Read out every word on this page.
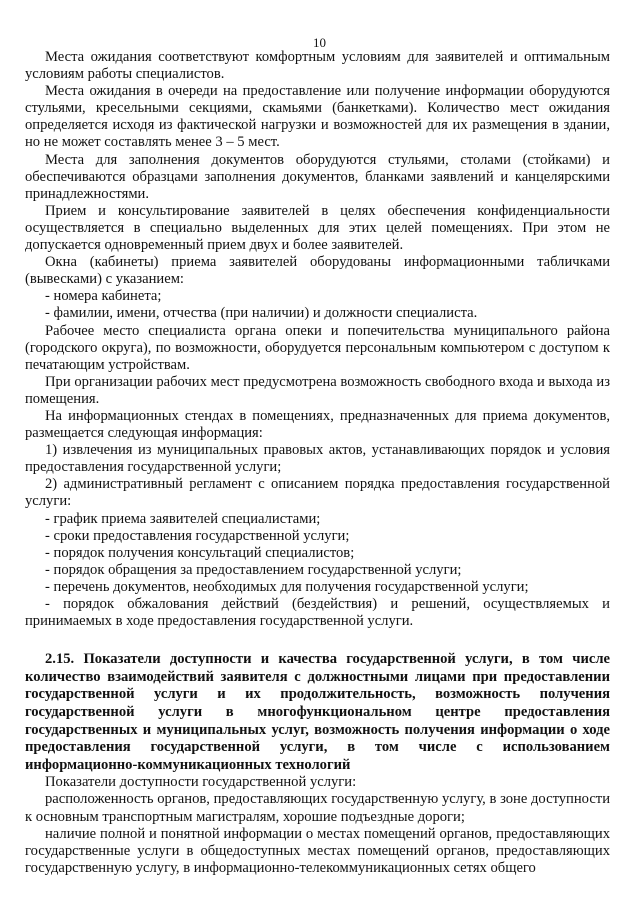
10

Места ожидания соответствуют комфортным условиям для заявителей и оптимальным условиям работы специалистов.

Места ожидания в очереди на предоставление или получение информации оборудуются стульями, кресельными секциями, скамьями (банкетками). Количество мест ожидания определяется исходя из фактической нагрузки и возможностей для их размещения в здании, но не может составлять менее 3 – 5 мест.

Места для заполнения документов оборудуются стульями, столами (стойками) и обеспечиваются образцами заполнения документов, бланками заявлений и канцелярскими принадлежностями.

Прием и консультирование заявителей в целях обеспечения конфиденциальности осуществляется в специально выделенных для этих целей помещениях. При этом не допускается одновременный прием двух и более заявителей.

Окна (кабинеты) приема заявителей оборудованы информационными табличками (вывесками) с указанием:

- номера кабинета;

- фамилии, имени, отчества (при наличии) и должности специалиста.

Рабочее место специалиста органа опеки и попечительства муниципального района (городского округа), по возможности, оборудуется персональным компьютером с доступом к печатающим устройствам.

При организации рабочих мест предусмотрена возможность свободного входа и выхода из помещения.

На информационных стендах в помещениях, предназначенных для приема документов, размещается следующая информация:

1) извлечения из муниципальных правовых актов, устанавливающих порядок и условия предоставления государственной услуги;

2) административный регламент с описанием порядка предоставления государственной услуги:

- график приема заявителей специалистами;

- сроки предоставления государственной услуги;

- порядок получения консультаций специалистов;

- порядок обращения за предоставлением государственной услуги;

- перечень документов, необходимых для получения государственной услуги;

- порядок обжалования действий (бездействия) и решений, осуществляемых и принимаемых в ходе предоставления государственной услуги.

2.15. Показатели доступности и качества государственной услуги, в том числе количество взаимодействий заявителя с должностными лицами при предоставлении государственной услуги и их продолжительность, возможность получения государственной услуги в многофункциональном центре предоставления государственных и муниципальных услуг, возможность получения информации о ходе предоставления государственной услуги, в том числе с использованием информационно-коммуникационных технологий

Показатели доступности государственной услуги:

расположенность органов, предоставляющих государственную услугу, в зоне доступности к основным транспортным магистралям, хорошие подъездные дороги;

наличие полной и понятной информации о местах помещений органов, предоставляющих государственные услуги в общедоступных местах помещений органов, предоставляющих государственную услугу, в информационно-телекоммуникационных сетях общего
